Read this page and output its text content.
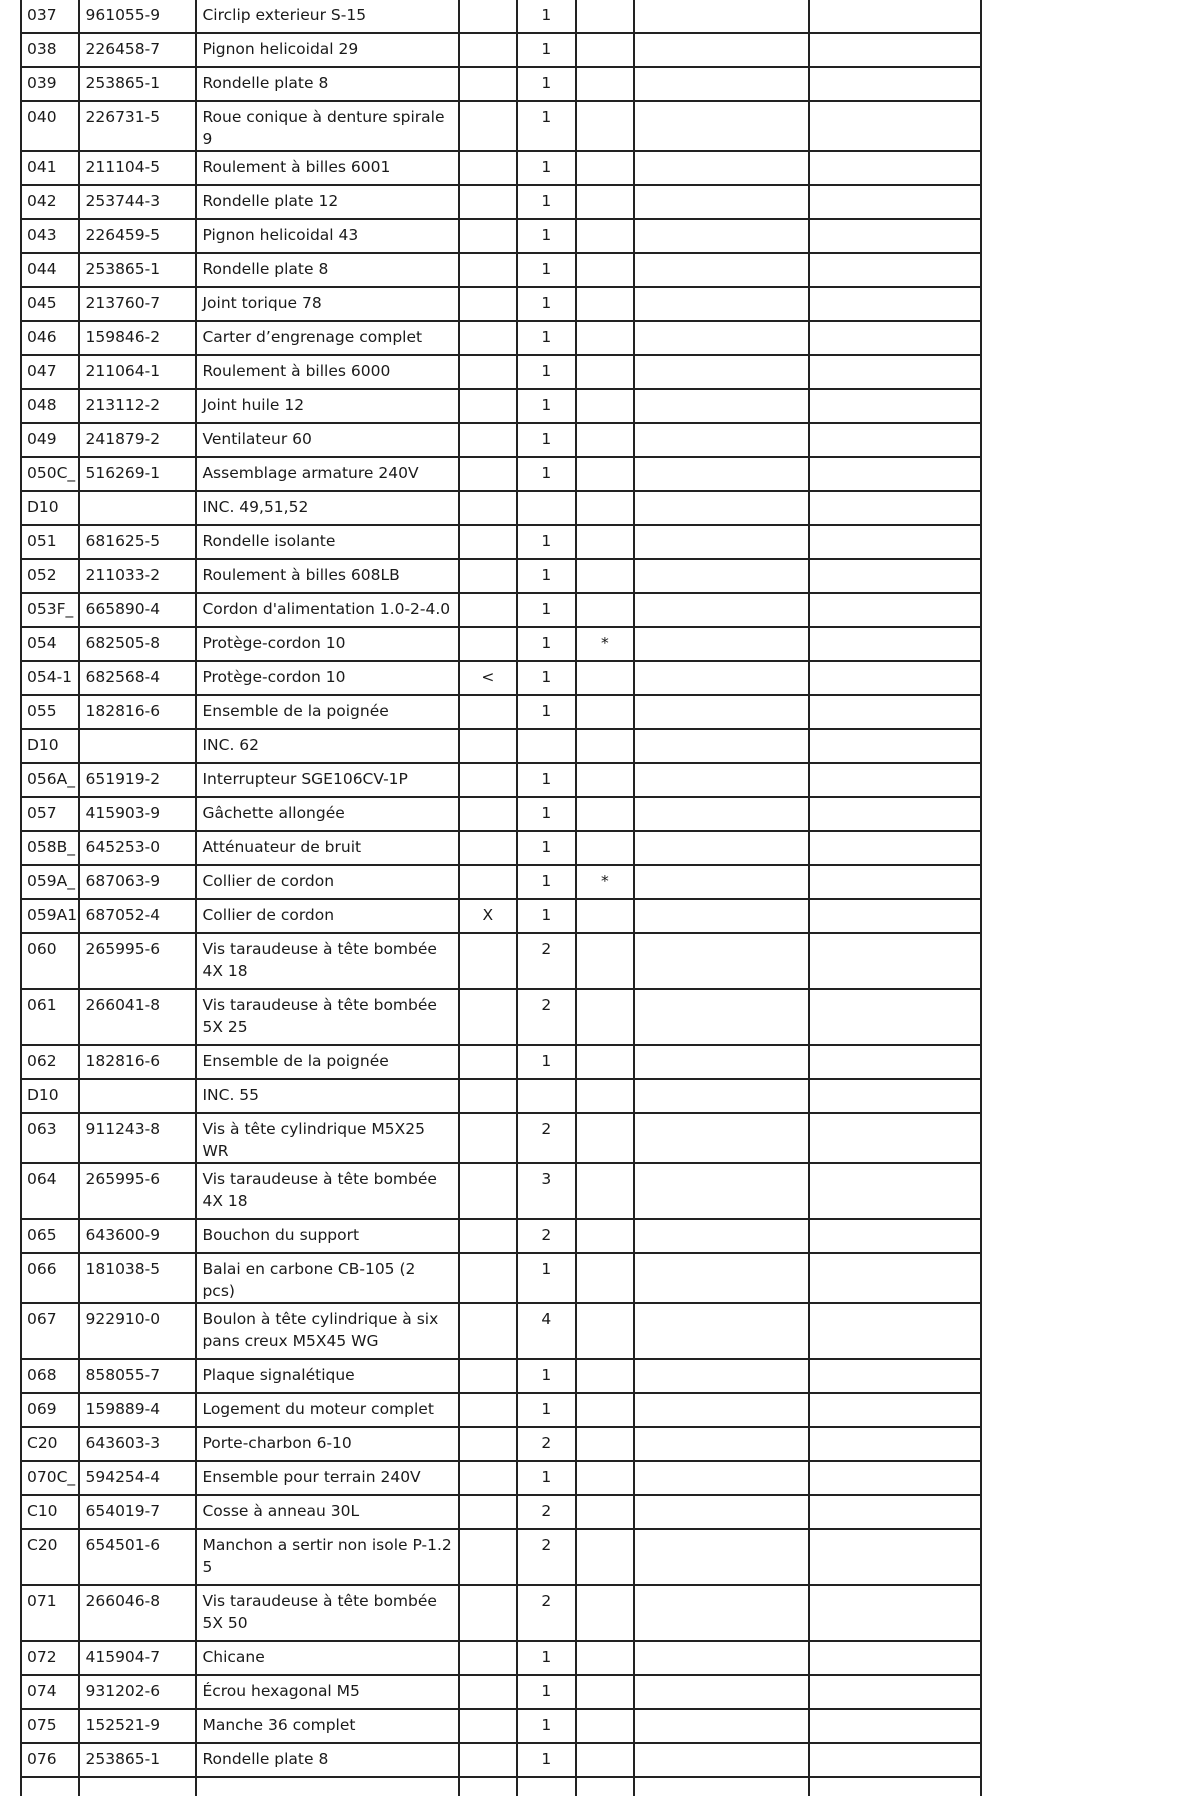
037	961055-9	Circlip exterieur S-15		1			
038	226458-7	Pignon helicoidal 29		1			
039	253865-1	Rondelle plate 8		1			
040	226731-5	Roue conique à denture spirale 9		1			
041	211104-5	Roulement à billes 6001		1			
042	253744-3	Rondelle plate 12		1			
043	226459-5	Pignon helicoidal 43		1			
044	253865-1	Rondelle plate 8		1			
045	213760-7	Joint torique 78		1			
046	159846-2	Carter d’engrenage complet		1			
047	211064-1	Roulement à billes 6000		1			
048	213112-2	Joint huile 12		1			
049	241879-2	Ventilateur 60		1			
050C_	516269-1	Assemblage armature 240V		1			
D10		INC. 49,51,52					
051	681625-5	Rondelle isolante		1			
052	211033-2	Roulement à billes 608LB		1			
053F_	665890-4	Cordon d'alimentation 1.0-2-4.0		1			
054	682505-8	Protège-cordon 10		1	*		
054-1	682568-4	Protège-cordon 10	<	1			
055	182816-6	Ensemble de la poignée		1			
D10		INC. 62					
056A_	651919-2	Interrupteur SGE106CV-1P		1			
057	415903-9	Gâchette allongée		1			
058B_	645253-0	Atténuateur de bruit		1			
059A_	687063-9	Collier de cordon		1	*		
059A1	687052-4	Collier de cordon	X	1			
060	265995-6	Vis taraudeuse à tête bombée 4X 18		2			
061	266041-8	Vis taraudeuse à tête bombée 5X 25		2			
062	182816-6	Ensemble de la poignée		1			
D10		INC. 55					
063	911243-8	Vis à tête cylindrique M5X25 WR		2			
064	265995-6	Vis taraudeuse à tête bombée 4X 18		3			
065	643600-9	Bouchon du support		2			
066	181038-5	Balai en carbone CB-105 (2 pcs)		1			
067	922910-0	Boulon à tête cylindrique à six pans creux M5X45 WG		4			
068	858055-7	Plaque signalétique		1			
069	159889-4	Logement du moteur complet		1			
C20	643603-3	Porte-charbon 6-10		2			
070C_	594254-4	Ensemble pour terrain 240V		1			
C10	654019-7	Cosse à anneau 30L		2			
C20	654501-6	Manchon a sertir non isole P-1.2 5		2			
071	266046-8	Vis taraudeuse à tête bombée 5X 50		2			
072	415904-7	Chicane		1			
074	931202-6	Écrou hexagonal M5		1			
075	152521-9	Manche 36 complet		1			
076	253865-1	Rondelle plate 8		1			
